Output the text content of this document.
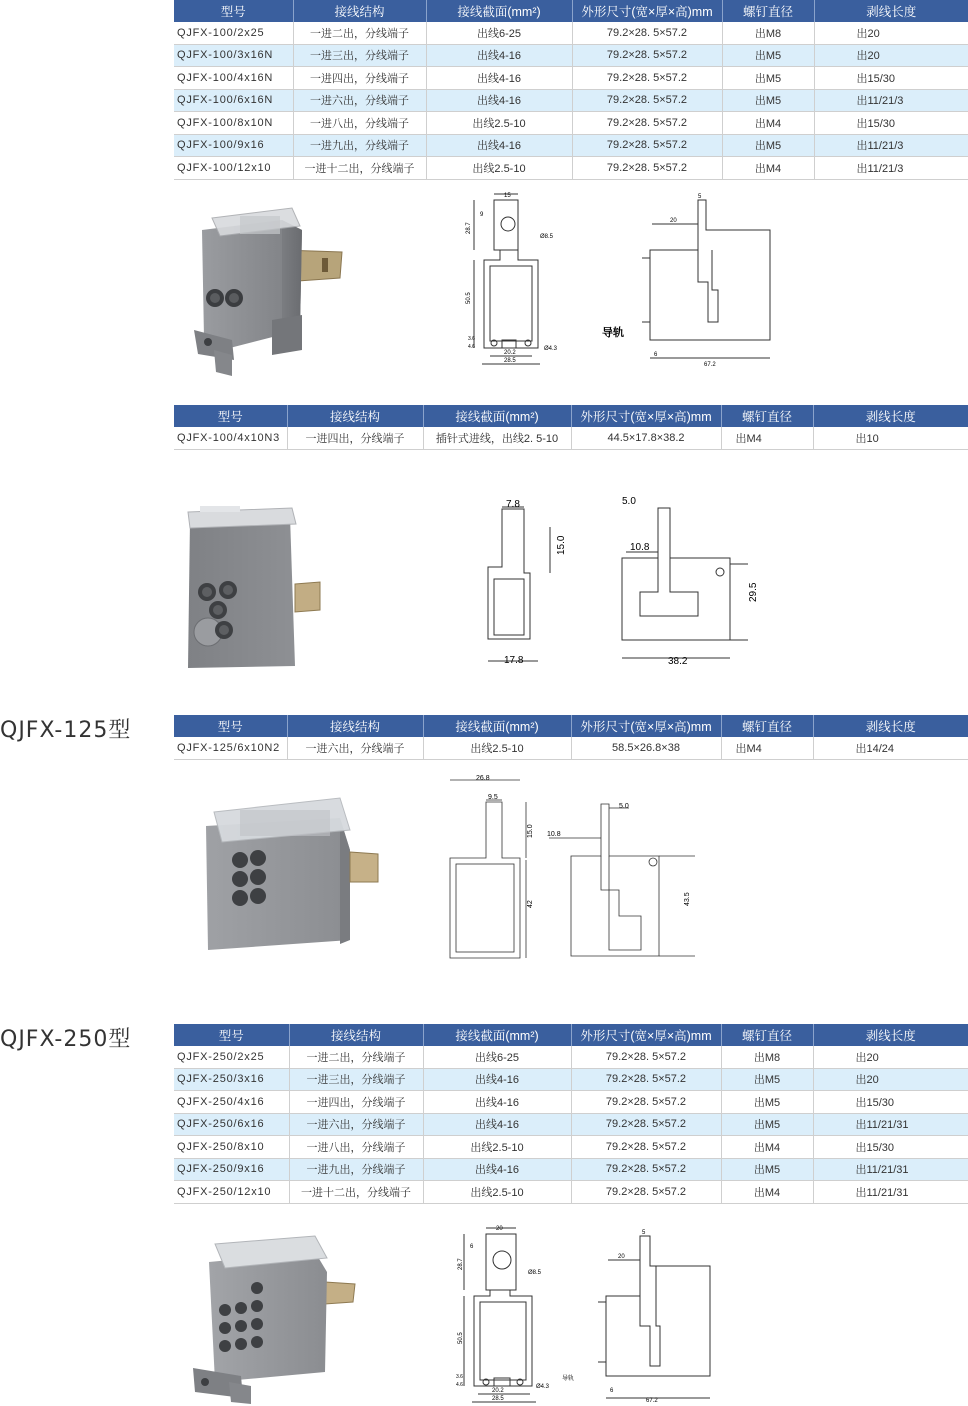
型号	接线结构	接线截面(mm²)	外形尺寸(宽×厚×高)mm	螺钉直径	剥线长度
QJFX-100/2x25	一进二出，分线端子	出线6-25	79.2×28. 5×57.2	出M8	出20
QJFX-100/3x16N	一进三出，分线端子	出线4-16	79.2×28. 5×57.2	出M5	出20
QJFX-100/4x16N	一进四出，分线端子	出线4-16	79.2×28. 5×57.2	出M5	出15/30
QJFX-100/6x16N	一进六出，分线端子	出线4-16	79.2×28. 5×57.2	出M5	出11/21/3
QJFX-100/8x10N	一进八出，分线端子	出线2.5-10	79.2×28. 5×57.2	出M4	出15/30
QJFX-100/9x16	一进九出，分线端子	出线4-16	79.2×28. 5×57.2	出M5	出11/21/3
QJFX-100/12x10	一进十二出，分线端子	出线2.5-10	79.2×28. 5×57.2	出M4	出11/21/3
15
9
28.7
Ø8.5
50.5
3.6
4.6
20.2
28.5
Ø4.3
5
20
导轨
6
67.2
型号	接线结构	接线截面(mm²)	外形尺寸(宽×厚×高)mm	螺钉直径	剥线长度
QJFX-100/4x10N3	一进四出，分线端子	插针式进线，出线2. 5-10	44.5×17.8×38.2	出M4	出10
7.8
15.0
17.8
5.0
10.8
29.5
38.2
QJFX-125型	型号	接线结构	接线截面(mm²)	外形尺寸(宽×厚×高)mm	螺钉直径	剥线长度
QJFX-125/6x10N2	一进六出，分线端子	出线2.5-10	58.5×26.8×38	出M4	出14/24
26.8
9.5
15.0
42
5.0
10.8
43.5
QJFX-250型	型号	接线结构	接线截面(mm²)	外形尺寸(宽×厚×高)mm	螺钉直径	剥线长度
QJFX-250/2x25	一进二出，分线端子	出线6-25	79.2×28. 5×57.2	出M8	出20
QJFX-250/3x16	一进三出，分线端子	出线4-16	79.2×28. 5×57.2	出M5	出20
QJFX-250/4x16	一进四出，分线端子	出线4-16	79.2×28. 5×57.2	出M5	出15/30
QJFX-250/6x16	一进六出，分线端子	出线4-16	79.2×28. 5×57.2	出M5	出11/21/31
QJFX-250/8x10	一进八出，分线端子	出线2.5-10	79.2×28. 5×57.2	出M4	出15/30
QJFX-250/9x16	一进九出，分线端子	出线4-16	79.2×28. 5×57.2	出M5	出11/21/31
QJFX-250/12x10	一进十二出，分线端子	出线2.5-10	79.2×28. 5×57.2	出M4	出11/21/31
20
6
28.7
Ø8.5
50.5
3.6
4.6
20.2
28.5
Ø4.3
5
20
导轨
6
67.2
